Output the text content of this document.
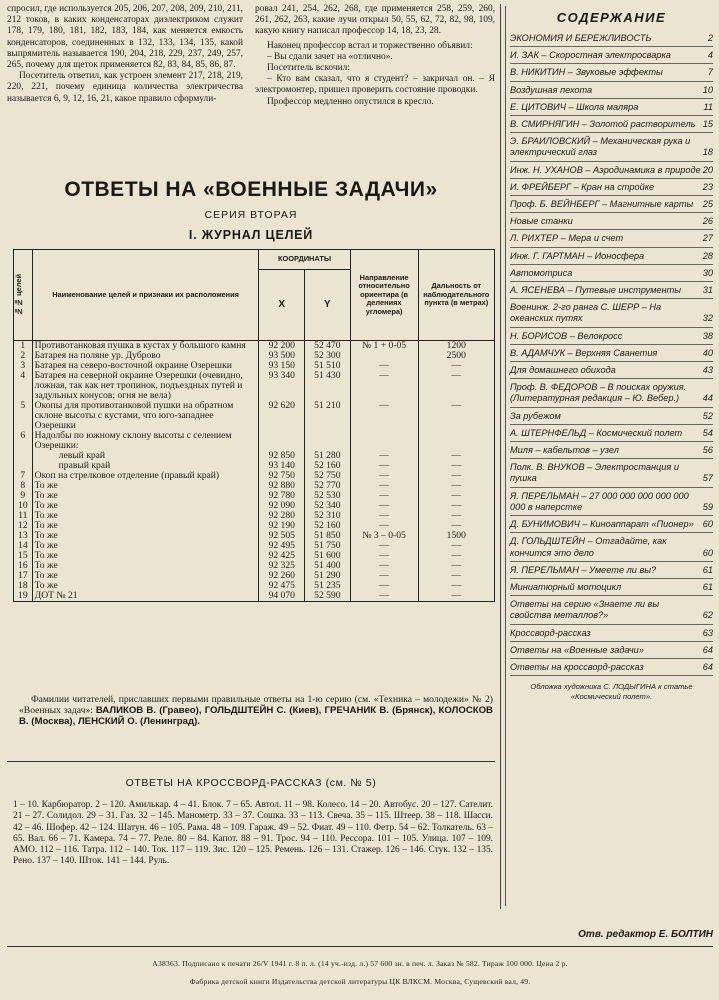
спросил, где используется 205, 206, 207, 208, 209, 210, 211, 212 токов, в каких конденсаторах диэлектриком служит 178, 179, 180, 181, 182, 183, 184, как меняется емкость конденсаторов, соединенных в 132, 133, 134, 135, какой выпрямитель называется 190, 204, 218, 229, 237, 249, 257, 265, почему для щеток применяется 82, 83, 84, 85, 86, 87.

Посетитель ответил, как устроен элемент 217, 218, 219, 220, 221, почему единица количества электричества называется 6, 9, 12, 16, 21, какое правило сформули-

ровал 241, 254, 262, 268, где применяется 258, 259, 260, 261, 262, 263, какие лучи открыл 50, 55, 62, 72, 82, 98, 109, какую книгу написал профессор 14, 18, 23, 28.

Наконец профессор встал и торжественно объявил:

– Вы сдали зачет на «отлично».

Посетитель вскочил:

– Кто вам сказал, что я студент? – закричал он. – Я электромонтер, пришел проверить состояние проводки.

Профессор медленно опустился в кресло.

ОТВЕТЫ НА «ВОЕННЫЕ ЗАДАЧИ»
СЕРИЯ ВТОРАЯ
I. ЖУРНАЛ ЦЕЛЕЙ
№№ целей	Наименование целей и признаки их расположения	КООРДИНАТЫ		Направление относительно ориентира (в делениях угломера)	Дальность от наблюдательного пункта (в метрах)
		X	Y		
1	Противотанковая пушка в кустах у большого камня	92 200	52 470	№ 1 + 0-05	1200
2	Батарея на поляне ур. Дуброво	93 500	52 300		2500
3	Батарея на северо-восточной окраине Озерешки	93 150	51 510	—	—
4	Батарея на северной окраине Озерешки (очевидно, ложная, так как нет тропинок, подъездных путей и задульных конусов; огня не вела)	93 340	51 430	—	—
5	Окопы для противотанковой пушки на обратном склоне высоты с кустами, что юго-западнее Озерешки	92 620	51 210	—	—
6	Надолбы по южному склону высоты с селением Озерешки:				
	левый край	92 850	51 280	—	—
	правый край	93 140	52 160	—	—
7	Окоп на стрелковое отделение (правый край)	92 750	52 750	—	—
8	То же	92 880	52 770	—	—
9	То же	92 780	52 530	—	—
10	То же	92 090	52 340	—	—
11	То же	92 280	52 310	—	—
12	То же	92 190	52 160	—	—
13	То же	92 505	51 850	№ 3 – 0-05	1500
14	То же	92 495	51 750	—	—
15	То же	92 425	51 600	—	—
16	То же	92 325	51 400	—	—
17	То же	92 260	51 290	—	—
18	То же	92 475	51 235	—	—
19	ДОТ № 21	94 070	52 590	—	—
Фамилии читателей, приславших первыми правильные ответы на 1-ю серию (см. «Техника – молодежи» № 2) «Военных задач»: ВАЛИКОВ В. (Гравео), ГОЛЬДШТЕЙН С. (Киев), ГРЕЧАНИК В. (Брянск), КОЛОСКОВ В. (Москва), ЛЕНСКИЙ О. (Ленинград).
ОТВЕТЫ НА КРОССВОРД-РАССКАЗ (см. № 5)
1 – 10. Карбюратор. 2 – 120. Амилькар. 4 – 41. Блок. 7 – 65. Автол. 11 – 98. Колесо. 14 – 20. Автобус. 20 – 127. Сателит. 21 – 27. Солидол. 29 – 31. Газ. 32 – 145. Манометр. 33 – 37. Сошка. 33 – 113. Свеча. 35 – 115. Штеер. 38 – 118. Шасси. 42 – 46. Шофер. 42 – 124. Шатун. 46 – 105. Рама. 48 – 109. Гараж. 49 – 52. Фиат. 49 – 110. Фетр. 54 – 62. Толкатель. 63 – 65. Вал. 66 – 71. Камера. 74 – 77. Реле. 80 – 84. Капот. 88 – 91. Трос. 94 – 110. Рессора. 101 – 105. Улица. 107 – 109. АМО. 112 – 116. Татра. 112 – 140. Ток. 117 – 119. Зис. 120 – 125. Ремень. 126 – 131. Стажер. 126 – 146. Стук. 132 – 135. Рено. 137 – 140. Шток. 141 – 144. Руль.
СОДЕРЖАНИЕ
ЭКОНОМИЯ И БЕРЕЖЛИВОСТЬ	2
И. ЗАК – Скоростная электросварка	4
В. НИКИТИН – Звуковые эффекты	7
Воздушная пехота	10
Е. ЦИТОВИЧ – Школа маляра	11
В. СМИРНЯГИН – Золотой растворитель 15
Э. БРАИЛОВСКИЙ – Механическая рука и электрический глаз	18
Инж. Н. УХАНОВ – Аэродинамика в природе 20
И. ФРЕЙБЕРГ – Кран на стройке	23
Проф. Б. ВЕЙНБЕРГ – Магнитные карты 25
Новые станки	26
Л. РИХТЕР – Мера и счет	27
Инж. Г. ГАРТМАН – Ионосфера	28
Автомотриса	30
А. ЯСЕНЕВА – Путевые инструменты 31
Военинж. 2-го ранга С. ШЕРР – На океанских путях	32
Н. БОРИСОВ – Велокросс	38
В. АДАМЧУК – Верхняя Сванетия	40
Для домашнего обихода	43
Проф. В. ФЕДОРОВ – В поисках оружия. (Литературная редакция – Ю. Вебер.)	44
За рубежом	52
А. ШТЕРНФЕЛЬД – Космический полет 54
Миля – кабельтов – узел	56
Полк. В. ВНУКОВ – Электростанция и пушка	57
Я. ПЕРЕЛЬМАН – 27 000 000 000 000 000 000 в наперстке	59
Д. БУНИМОВИЧ – Киноаппарат «Пионер» 60
Д. ГОЛЬДШТЕЙН – Отгадайте, как кончится это дело	60
Я. ПЕРЕЛЬМАН – Умеете ли вы?	61
Миниатюрный мотоцикл	61
Ответы на серию «Знаете ли вы свойства металлов?»	62
Кроссворд-рассказ	63
Ответы на «Военные задачи»	64
Ответы на кроссворд-рассказ	64
Обложка художника С. ЛОДЫГИНА к статье «Космический полет».
Отв. редактор Е. БОЛТИН
А38363. Подписано к печати 26/V 1941 г. 8 п. л. (14 уч.-изд. л.) 57 600 зн. в печ. л. Заказ № 582. Тираж 100 000. Цена 2 р.
Фабрика детской книги Издательства детской литературы ЦК ВЛКСМ. Москва, Сущевский вал, 49.
